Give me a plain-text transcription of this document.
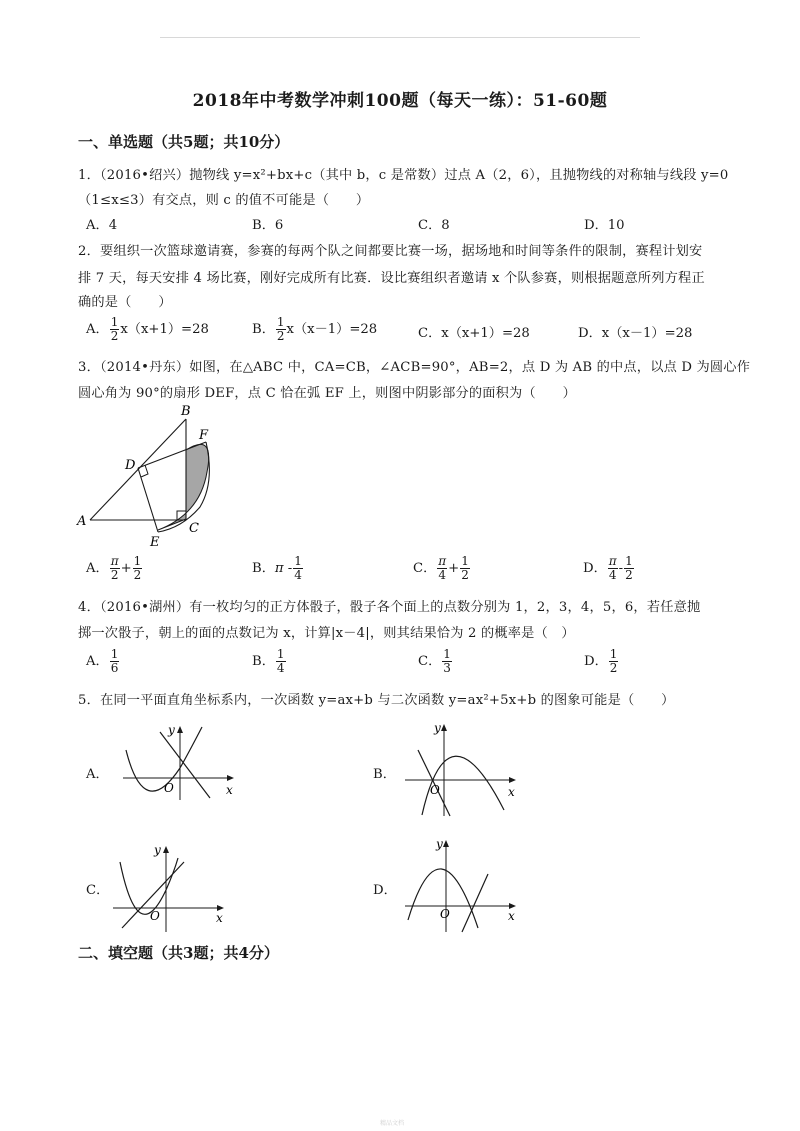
2018年中考数学冲刺100题（每天一练）：51-60题
一、单选题（共5题；共10分）
1．（2016•绍兴）抛物线 y=x²+bx+c（其中 b，c 是常数）过点 A（2，6），且抛物线的对称轴与线段 y=0
（1≤x≤3）有交点，则 c 的值不可能是（　　）
A．4	B．6	C．8	D．10
2．要组织一次篮球邀请赛，参赛的每两个队之间都要比赛一场，据场地和时间等条件的限制，赛程计划安
排 7 天，每天安排 4 场比赛，刚好完成所有比赛．设比赛组织者邀请 x 个队参赛，则根据题意所列方程正
确的是（　　）
A． $\frac{1}{2} x(x+1)=28$	B． $\frac{1}{2} x(x-1)=28$	C．x（x+1）=28	D．x（x－1）=28
3．（2014•丹东）如图，在△ABC 中，CA=CB，∠ACB=90°，AB=2，点 D 为 AB 的中点，以点 D 为圆心作
圆心角为 90°的扇形 DEF，点 C 恰在弧 EF 上，则图中阴影部分的面积为（　　）
B
F
D
A
E
C
A． $\frac{\pi}{2} + \frac{1}{2}$	B．π - $\frac{1}{4}$	C． $\frac{\pi}{4} + \frac{1}{2}$	D． $\frac{\pi}{4} - \frac{1}{2}$
4．（2016•湖州）有一枚均匀的正方体骰子，骰子各个面上的点数分别为 1，2，3，4，5，6，若任意抛
掷一次骰子，朝上的面的点数记为 x，计算|x－4|，则其结果恰为 2 的概率是（　）
A． $\frac{1}{6}$	B． $\frac{1}{4}$	C． $\frac{1}{3}$	D． $\frac{1}{2}$
5．在同一平面直角坐标系内，一次函数 y=ax+b 与二次函数 y=ax²+5x+b 的图象可能是（　　）
A．
y
x
O
B．
y
x
O
C．
y
x
O
D．
y
x
O
二、填空题（共3题；共4分）
精品文档
